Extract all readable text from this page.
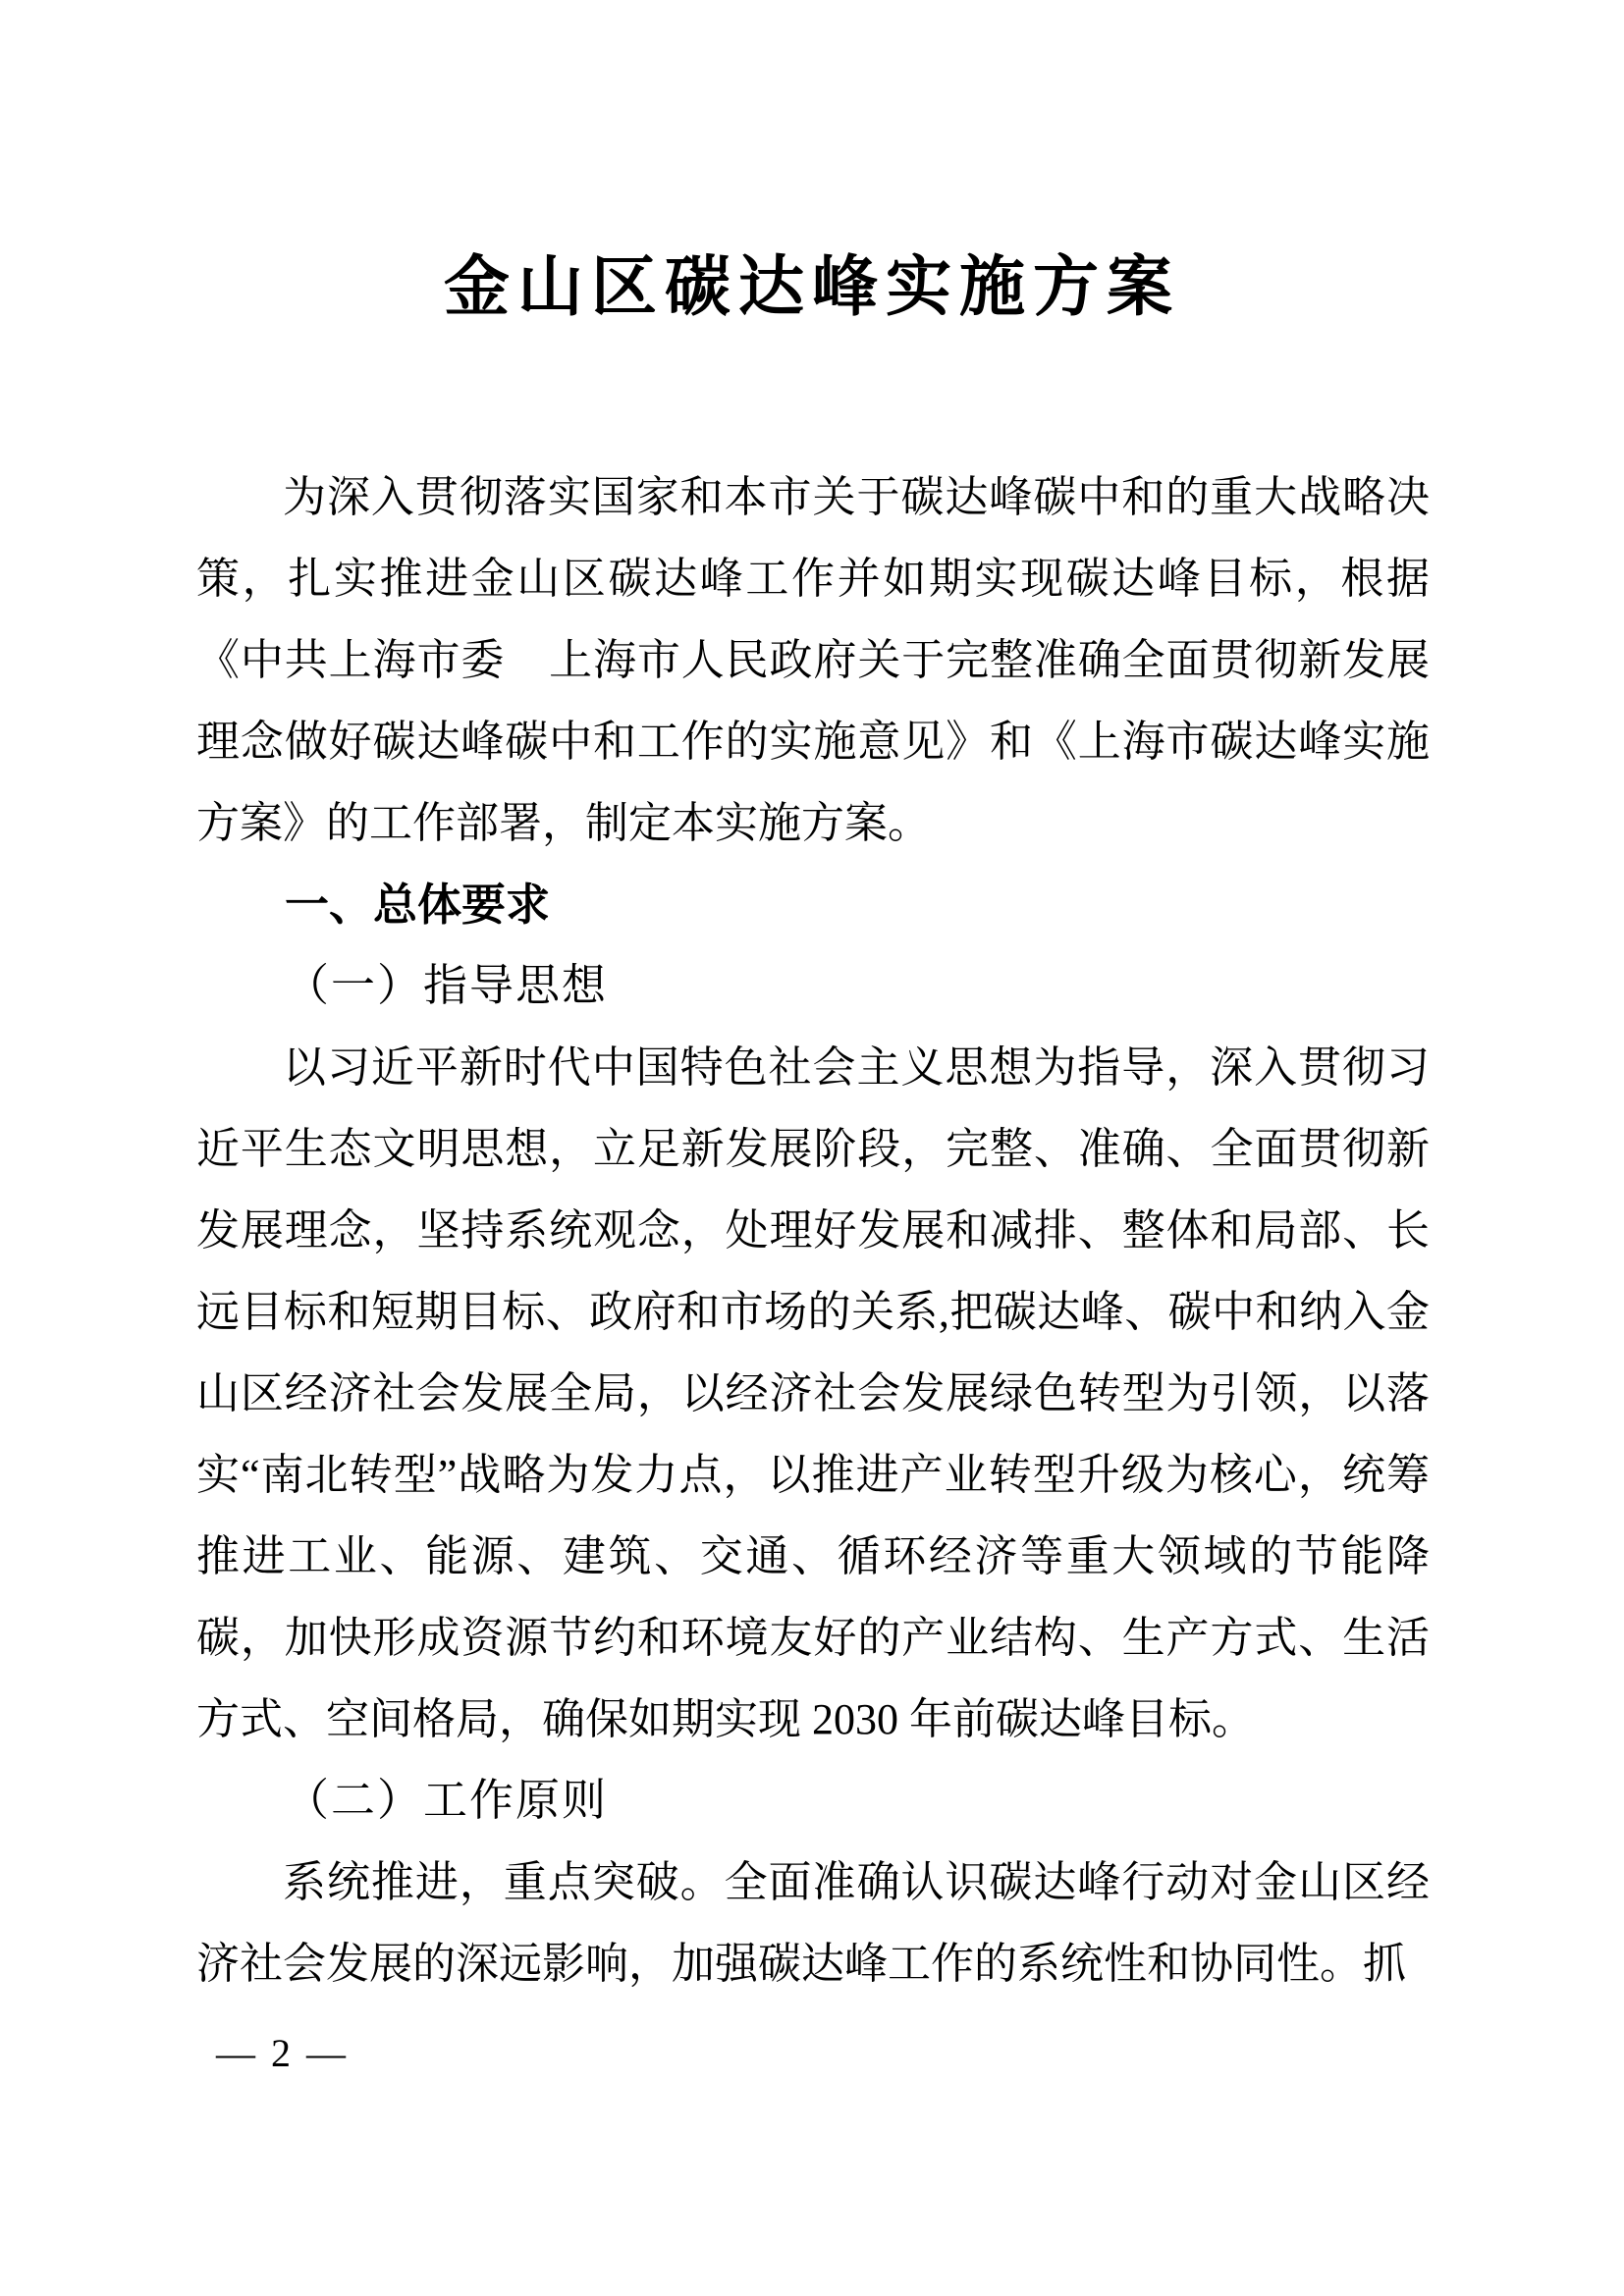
金山区碳达峰实施方案

为深入贯彻落实国家和本市关于碳达峰碳中和的重大战略决策，扎实推进金山区碳达峰工作并如期实现碳达峰目标，根据《中共上海市委　上海市人民政府关于完整准确全面贯彻新发展理念做好碳达峰碳中和工作的实施意见》和《上海市碳达峰实施方案》的工作部署，制定本实施方案。

一、总体要求
（一）指导思想

以习近平新时代中国特色社会主义思想为指导，深入贯彻习近平生态文明思想，立足新发展阶段，完整、准确、全面贯彻新发展理念，坚持系统观念，处理好发展和减排、整体和局部、长远目标和短期目标、政府和市场的关系,把碳达峰、碳中和纳入金山区经济社会发展全局，以经济社会发展绿色转型为引领，以落实“南北转型”战略为发力点，以推进产业转型升级为核心，统筹推进工业、能源、建筑、交通、循环经济等重大领域的节能降碳，加快形成资源节约和环境友好的产业结构、生产方式、生活方式、空间格局，确保如期实现 2030 年前碳达峰目标。

（二）工作原则

系统推进，重点突破。全面准确认识碳达峰行动对金山区经济社会发展的深远影响，加强碳达峰工作的系统性和协同性。抓

— 2 —
